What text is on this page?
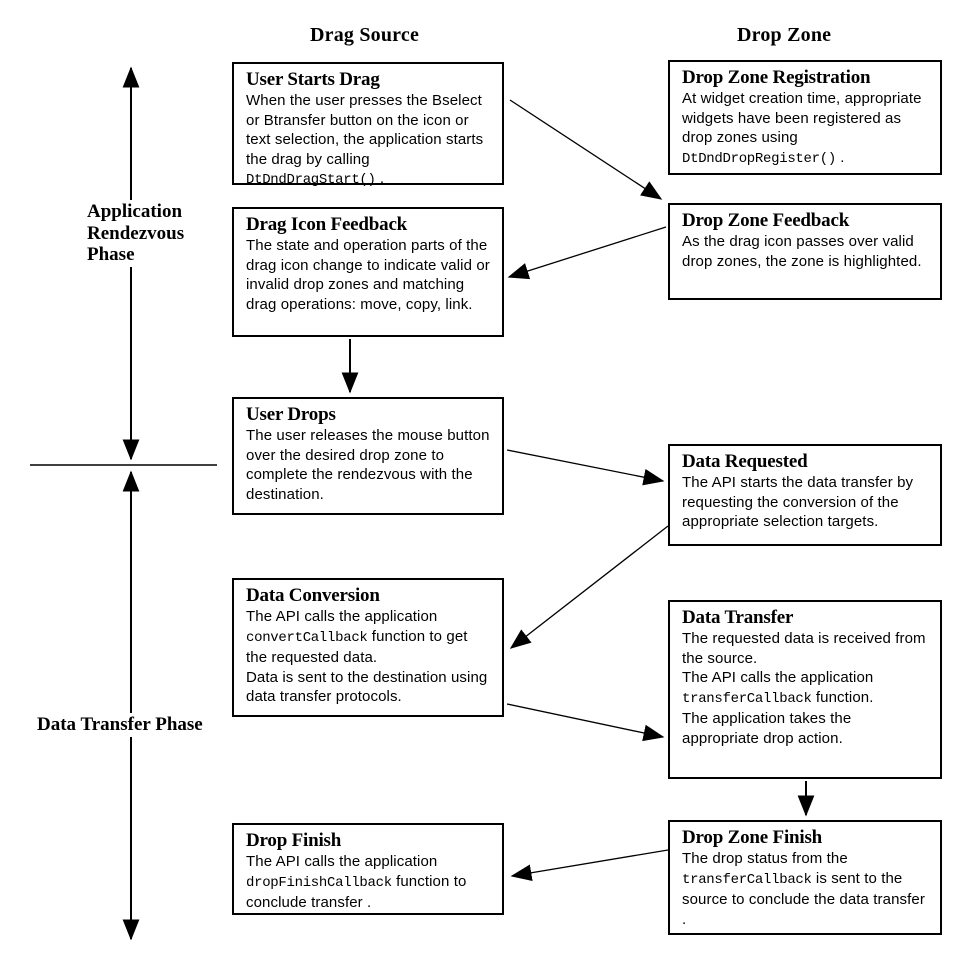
Drag Source	Drop Zone
Application
Rendezvous
Phase
Data Transfer Phase
User Starts Drag
When the user presses the Bselect or Btransfer button on the icon or text selection, the application starts the drag by calling DtDndDragStart() .
Drag Icon Feedback
The state and operation parts of the drag icon change to indicate valid or invalid drop zones and matching drag operations: move, copy, link.
User Drops
The user releases the mouse button over the desired drop zone to complete the rendezvous with the destination.
Data Conversion
The API calls the application convertCallback function to get the requested data.
Data is sent to the destination using data transfer protocols.
Drop Finish
The API calls the application dropFinishCallback function to conclude transfer .
Drop Zone Registration
At widget creation time, appropriate widgets have been registered as drop zones using DtDndDropRegister() .
Drop Zone Feedback
As the drag icon passes over valid drop zones, the zone is highlighted.
Data Requested
The API starts the data transfer by requesting the conversion of the appropriate selection targets.
Data Transfer
The requested data is received from the source.
The API calls the application transferCallback function.
The application takes the appropriate drop action.
Drop Zone Finish
The drop status from the transferCallback is sent to the source to conclude the data transfer .
